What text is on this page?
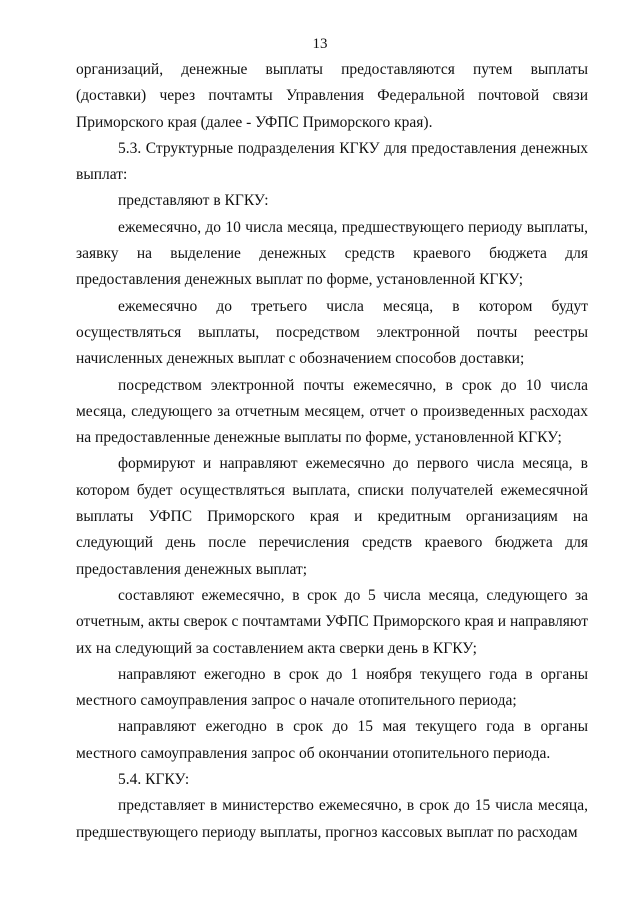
13

организаций, денежные выплаты предоставляются путем выплаты (доставки) через почтамты Управления Федеральной почтовой связи Приморского края (далее - УФПС Приморского края).

5.3. Структурные подразделения КГКУ для предоставления денежных выплат:

представляют в КГКУ:

ежемесячно, до 10 числа месяца, предшествующего периоду выплаты, заявку на выделение денежных средств краевого бюджета для предоставления денежных выплат по форме, установленной КГКУ;

ежемесячно до третьего числа месяца, в котором будут осуществляться выплаты, посредством электронной почты реестры начисленных денежных выплат с обозначением способов доставки;

посредством электронной почты ежемесячно, в срок до 10 числа месяца, следующего за отчетным месяцем, отчет о произведенных расходах на предоставленные денежные выплаты по форме, установленной КГКУ;

формируют и направляют ежемесячно до первого числа месяца, в котором будет осуществляться выплата, списки получателей ежемесячной выплаты УФПС Приморского края и кредитным организациям на следующий день после перечисления средств краевого бюджета для предоставления денежных выплат;

составляют ежемесячно, в срок до 5 числа месяца, следующего за отчетным, акты сверок с почтамтами УФПС Приморского края и направляют их на следующий за составлением акта сверки день в КГКУ;

направляют ежегодно в срок до 1 ноября текущего года в органы местного самоуправления запрос о начале отопительного периода;

направляют ежегодно в срок до 15 мая текущего года в органы местного самоуправления запрос об окончании отопительного периода.

5.4. КГКУ:

представляет в министерство ежемесячно, в срок до 15 числа месяца, предшествующего периоду выплаты, прогноз кассовых выплат по расходам
